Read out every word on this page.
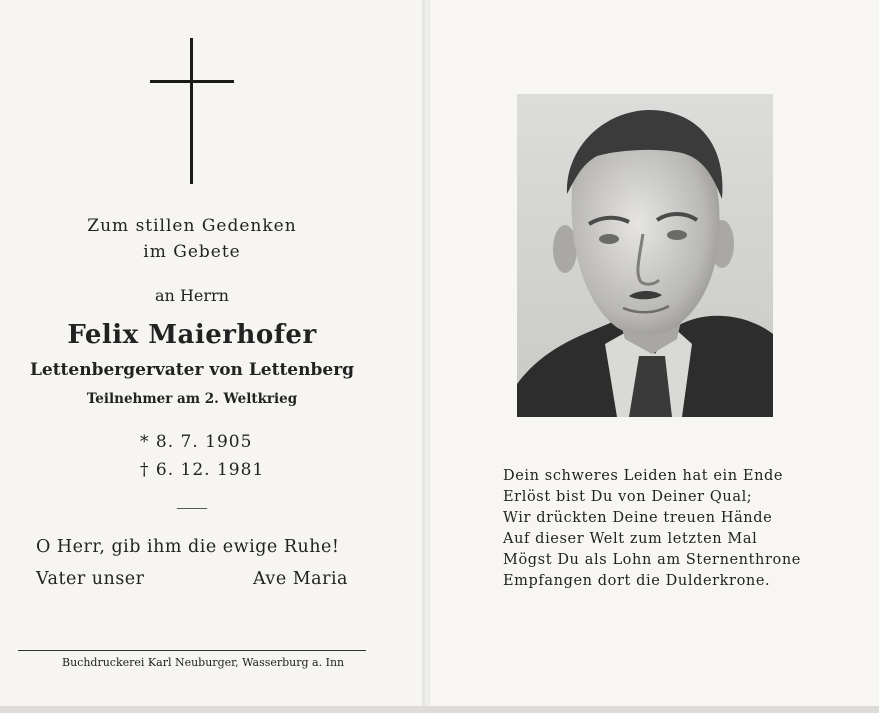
Zum stillen Gedenken
im Gebete
an Herrn
Felix Maierhofer
Lettenbergervater von Lettenberg
Teilnehmer am 2. Weltkrieg
* 8. 7. 1905
† 6. 12. 1981
O Herr, gib ihm die ewige Ruhe!
Vater unser	Ave Maria
Buchdruckerei Karl Neuburger, Wasserburg a. Inn
Dein schweres Leiden hat ein Ende
Erlöst bist Du von Deiner Qual;
Wir drückten Deine treuen Hände
Auf dieser Welt zum letzten Mal
Mögst Du als Lohn am Sternenthrone
Empfangen dort die Dulderkrone.
